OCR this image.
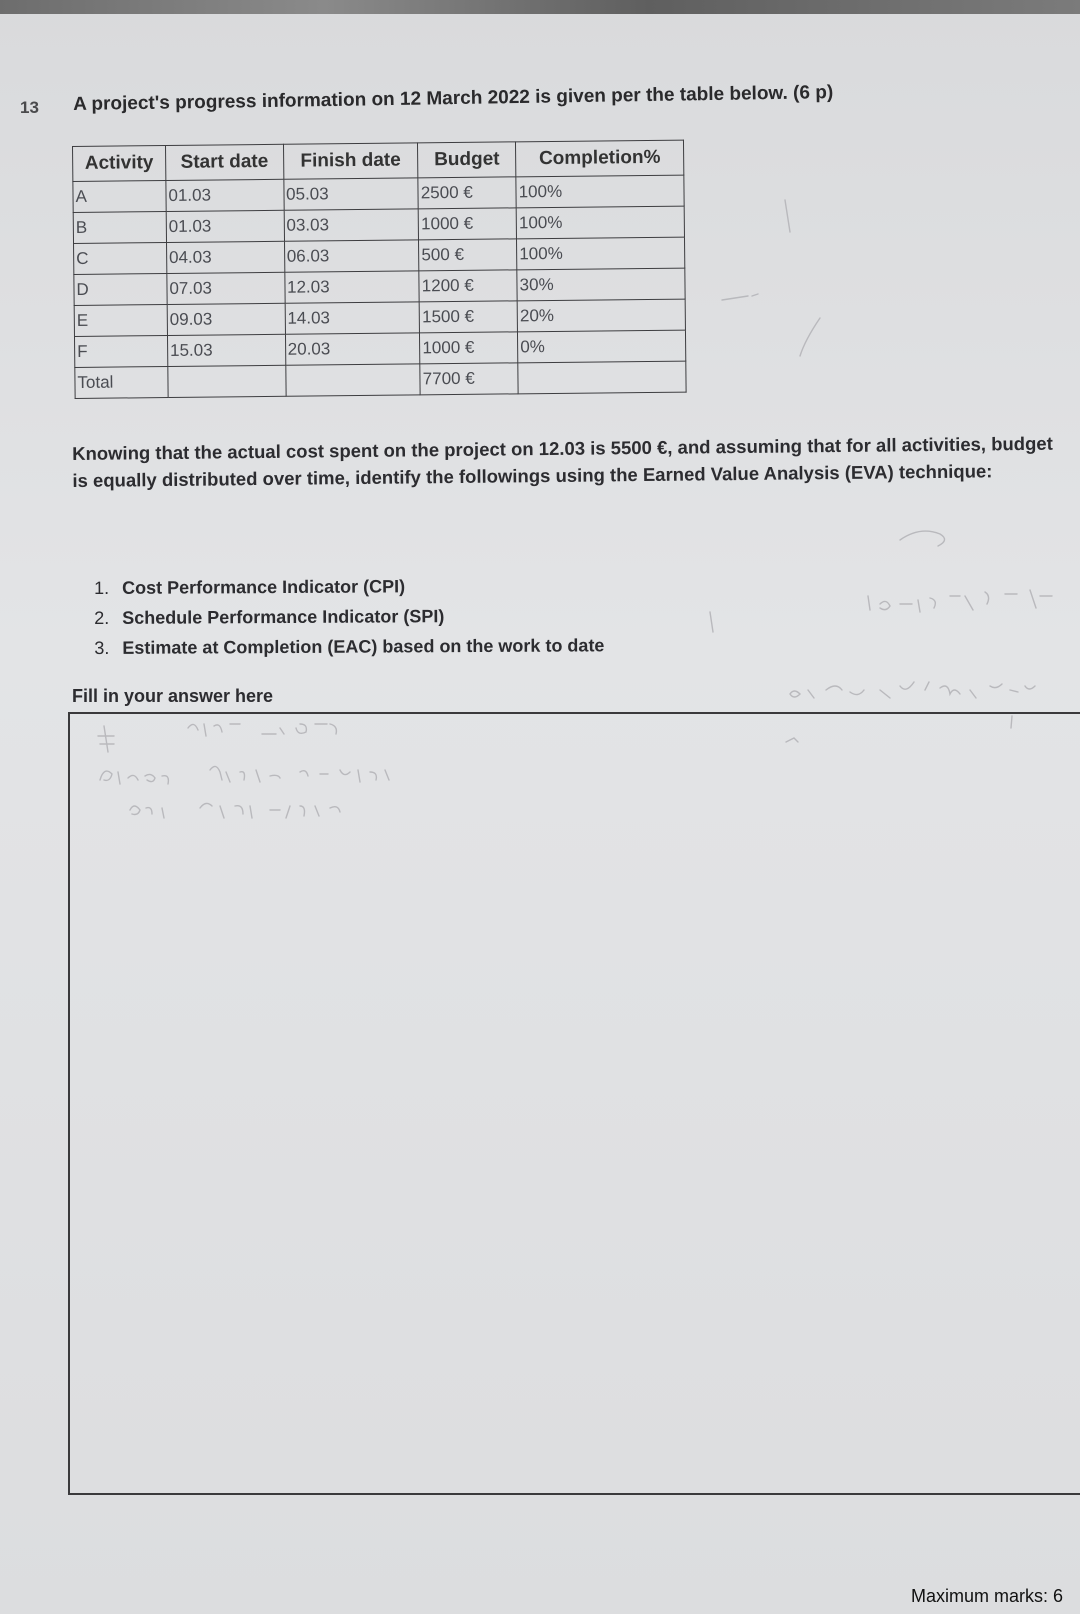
13 A project's progress information on 12 March 2022 is given per the table below. (6 p)
Activity	Start date	Finish date	Budget	Completion%
A	01.03	05.03	2500 €	100%
B	01.03	03.03	1000 €	100%
C	04.03	06.03	500 €	100%
D	07.03	12.03	1200 €	30%
E	09.03	14.03	1500 €	20%
F	15.03	20.03	1000 €	0%
Total			7700 €	
Knowing that the actual cost spent on the project on 12.03 is 5500 €, and assuming that for all activities, budget is equally distributed over time, identify the followings using the Earned Value Analysis (EVA) technique:
1. Cost Performance Indicator (CPI)
2. Schedule Performance Indicator (SPI)
3. Estimate at Completion (EAC) based on the work to date
Fill in your answer here
Maximum marks: 6
